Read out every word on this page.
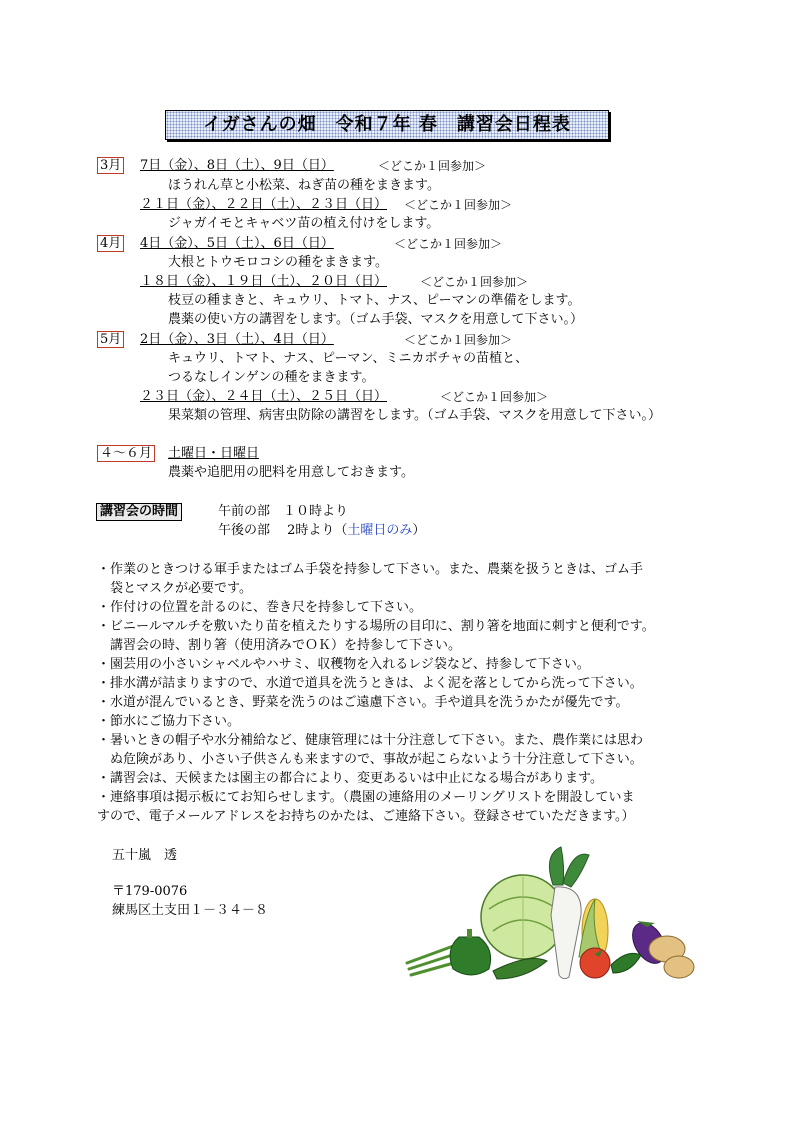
イガさんの畑　令和７年 春　講習会日程表
3月 7日（金）、8日（土）、9日（日）	＜どこか１回参加＞
ほうれん草と小松菜、ねぎ苗の種をまきます。
２１日（金）、２２日（土）、２３日（日） ＜どこか１回参加＞
ジャガイモとキャベツ苗の植え付けをします。
4月 4日（金）、5日（土）、6日（日）	＜どこか１回参加＞
大根とトウモロコシの種をまきます。
１８日（金）、１９日（土）、２０日（日）	＜どこか１回参加＞
枝豆の種まきと、キュウリ、トマト、ナス、ピーマンの準備をします。
農薬の使い方の講習をします。（ゴム手袋、マスクを用意して下さい。）
5月 2日（金）、3日（土）、4日（日）	＜どこか１回参加＞
キュウリ、トマト、ナス、ピーマン、ミニカボチャの苗植と、
つるなしインゲンの種をまきます。
２３日（金）、２４日（土）、２５日（日）	＜どこか１回参加＞
果菜類の管理、病害虫防除の講習をします。（ゴム手袋、マスクを用意して下さい。）
４～６月 土曜日・日曜日
農薬や追肥用の肥料を用意しておきます。
講習会の時間	午前の部　１０時より
午後の部　 2時より（土曜日のみ）
・作業のときつける軍手またはゴム手袋を持参して下さい。また、農薬を扱うときは、ゴム手
　袋とマスクが必要です。
・作付けの位置を計るのに、巻き尺を持参して下さい。
・ビニールマルチを敷いたり苗を植えたりする場所の目印に、割り箸を地面に刺すと便利です。
　講習会の時、割り箸（使用済みでＯＫ）を持参して下さい。
・園芸用の小さいシャベルやハサミ、収穫物を入れるレジ袋など、持参して下さい。
・排水溝が詰まりますので、水道で道具を洗うときは、よく泥を落としてから洗って下さい。
・水道が混んでいるとき、野菜を洗うのはご遠慮下さい。手や道具を洗うかたが優先です。
・節水にご協力下さい。
・暑いときの帽子や水分補給など、健康管理には十分注意して下さい。また、農作業には思わ
　ぬ危険があり、小さい子供さんも来ますので、事故が起こらないよう十分注意して下さい。
・講習会は、天候または園主の都合により、変更あるいは中止になる場合があります。
・連絡事項は掲示板にてお知らせします。（農園の連絡用のメーリングリストを開設していま
すので、電子メールアドレスをお持ちのかたは、ご連絡下さい。登録させていただきます。）
五十嵐　透
〒179-0076
練馬区土支田１－３４－８
